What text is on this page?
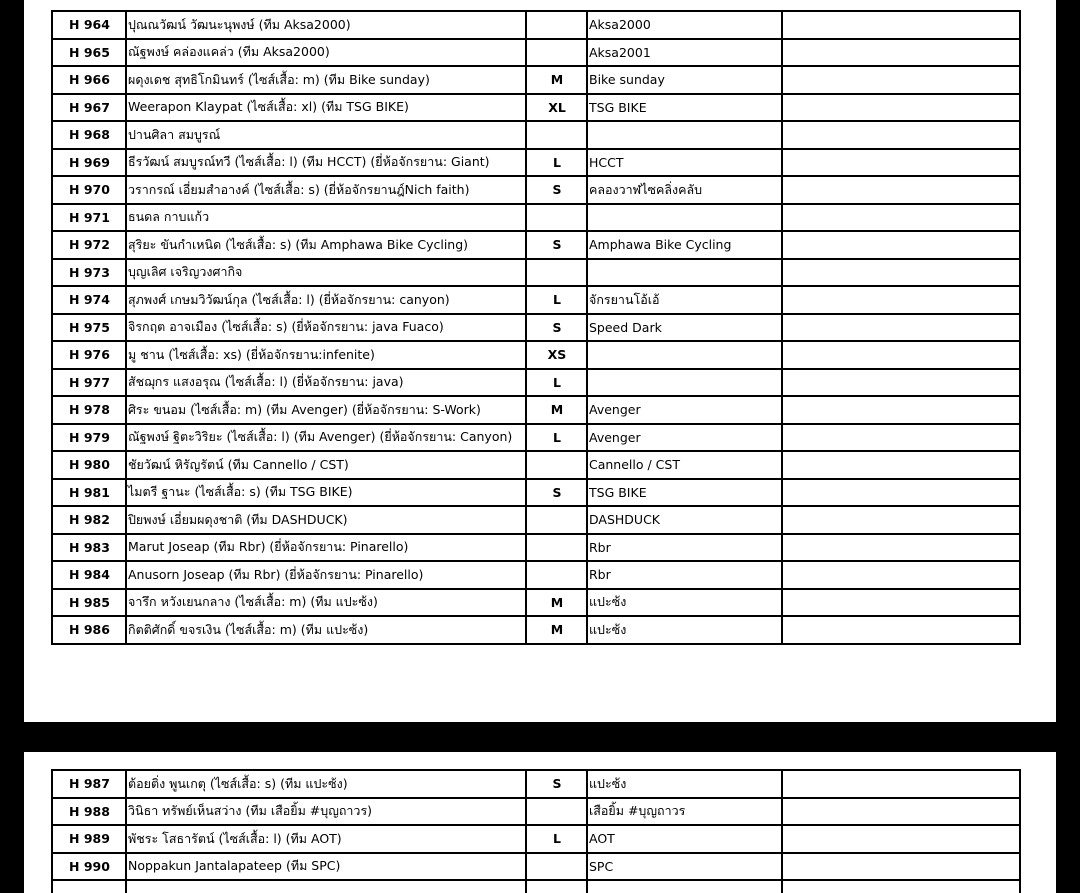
H 964	ปุณณวัฒน์ วัฒนะนุพงษ์ (ทีม Aksa2000)		Aksa2000	
H 965	ณัฐพงษ์ คล่องแคล่ว (ทีม Aksa2000)		Aksa2001	
H 966	ผดุงเดช สุทธิโกมินทร์ (ไซส์เสื้อ: m) (ทีม Bike sunday)	M	Bike sunday	
H 967	Weerapon Klaypat (ไซส์เสื้อ: xl) (ทีม TSG BIKE)	XL	TSG BIKE	
H 968	ปานศิลา สมบูรณ์			
H 969	ธีรวัฒน์ สมบูรณ์ทวี (ไซส์เสื้อ: l) (ทีม HCCT) (ยี่ห้อจักรยาน: Giant)	L	HCCT	
H 970	วรากรณ์ เอี่ยมสำอางค์ (ไซส์เสื้อ: s) (ยี่ห้อจักรยานฎ์Nich faith)	S	คลองวาฬไซคลิ่งคลับ	
H 971	ธนดล กาบแก้ว			
H 972	สุริยะ ขันกำเหนิด (ไซส์เสื้อ: s) (ทีม Amphawa Bike Cycling)	S	Amphawa Bike Cycling	
H 973	บุญเลิศ เจริญวงศากิจ			
H 974	สุภพงศ์ เกษมวิวัฒน์กุล (ไซส์เสื้อ: l) (ยี่ห้อจักรยาน: canyon)	L	จักรยานโอ้เอ้	
H 975	จิรกฤต อาจเมือง (ไซส์เสื้อ: s) (ยี่ห้อจักรยาน: java Fuaco)	S	Speed Dark	
H 976	มู ชาน (ไซส์เสื้อ: xs) (ยี่ห้อจักรยาน:infenite)	XS		
H 977	สัชฌุกร แสงอรุณ (ไซส์เสื้อ: l) (ยี่ห้อจักรยาน: java)	L		
H 978	ศิระ ขนอม (ไซส์เสื้อ: m) (ทีม Avenger) (ยี่ห้อจักรยาน: S-Work)	M	Avenger	
H 979	ณัฐพงษ์ ฐิตะวิริยะ (ไซส์เสื้อ: l) (ทีม Avenger) (ยี่ห้อจักรยาน: Canyon)	L	Avenger	
H 980	ชัยวัฒน์ หิรัญรัตน์ (ทีม Cannello / CST)		Cannello / CST	
H 981	ไมตรี ฐานะ (ไซส์เสื้อ: s) (ทีม TSG BIKE)	S	TSG BIKE	
H 982	ปิยพงษ์ เอี่ยมผดุงชาติ (ทีม DASHDUCK)		DASHDUCK	
H 983	Marut Joseap (ทีม Rbr) (ยี่ห้อจักรยาน: Pinarello)		Rbr	
H 984	Anusorn Joseap (ทีม Rbr) (ยี่ห้อจักรยาน: Pinarello)		Rbr	
H 985	จารึก หวังเยนกลาง (ไซส์เสื้อ: m) (ทีม แปะซ้ง)	M	แปะซ้ง	
H 986	กิตติศักดิ์ ขจรเงิน (ไซส์เสื้อ: m) (ทีม แปะซ้ง)	M	แปะซ้ง	
H 987	ต้อยติ่ง พูนเกตุ (ไซส์เสื้อ: s) (ทีม แปะซ้ง)	S	แปะซ้ง	
H 988	วินิธา ทรัพย์เห็นสว่าง (ทีม เสือยิ้ม #บุญถาวร)		เสือยิ้ม #บุญถาวร	
H 989	พัชระ โสธารัตน์ (ไซส์เสื้อ: l) (ทีม AOT)	L	AOT	
H 990	Noppakun Jantalapateep (ทีม SPC)		SPC	
